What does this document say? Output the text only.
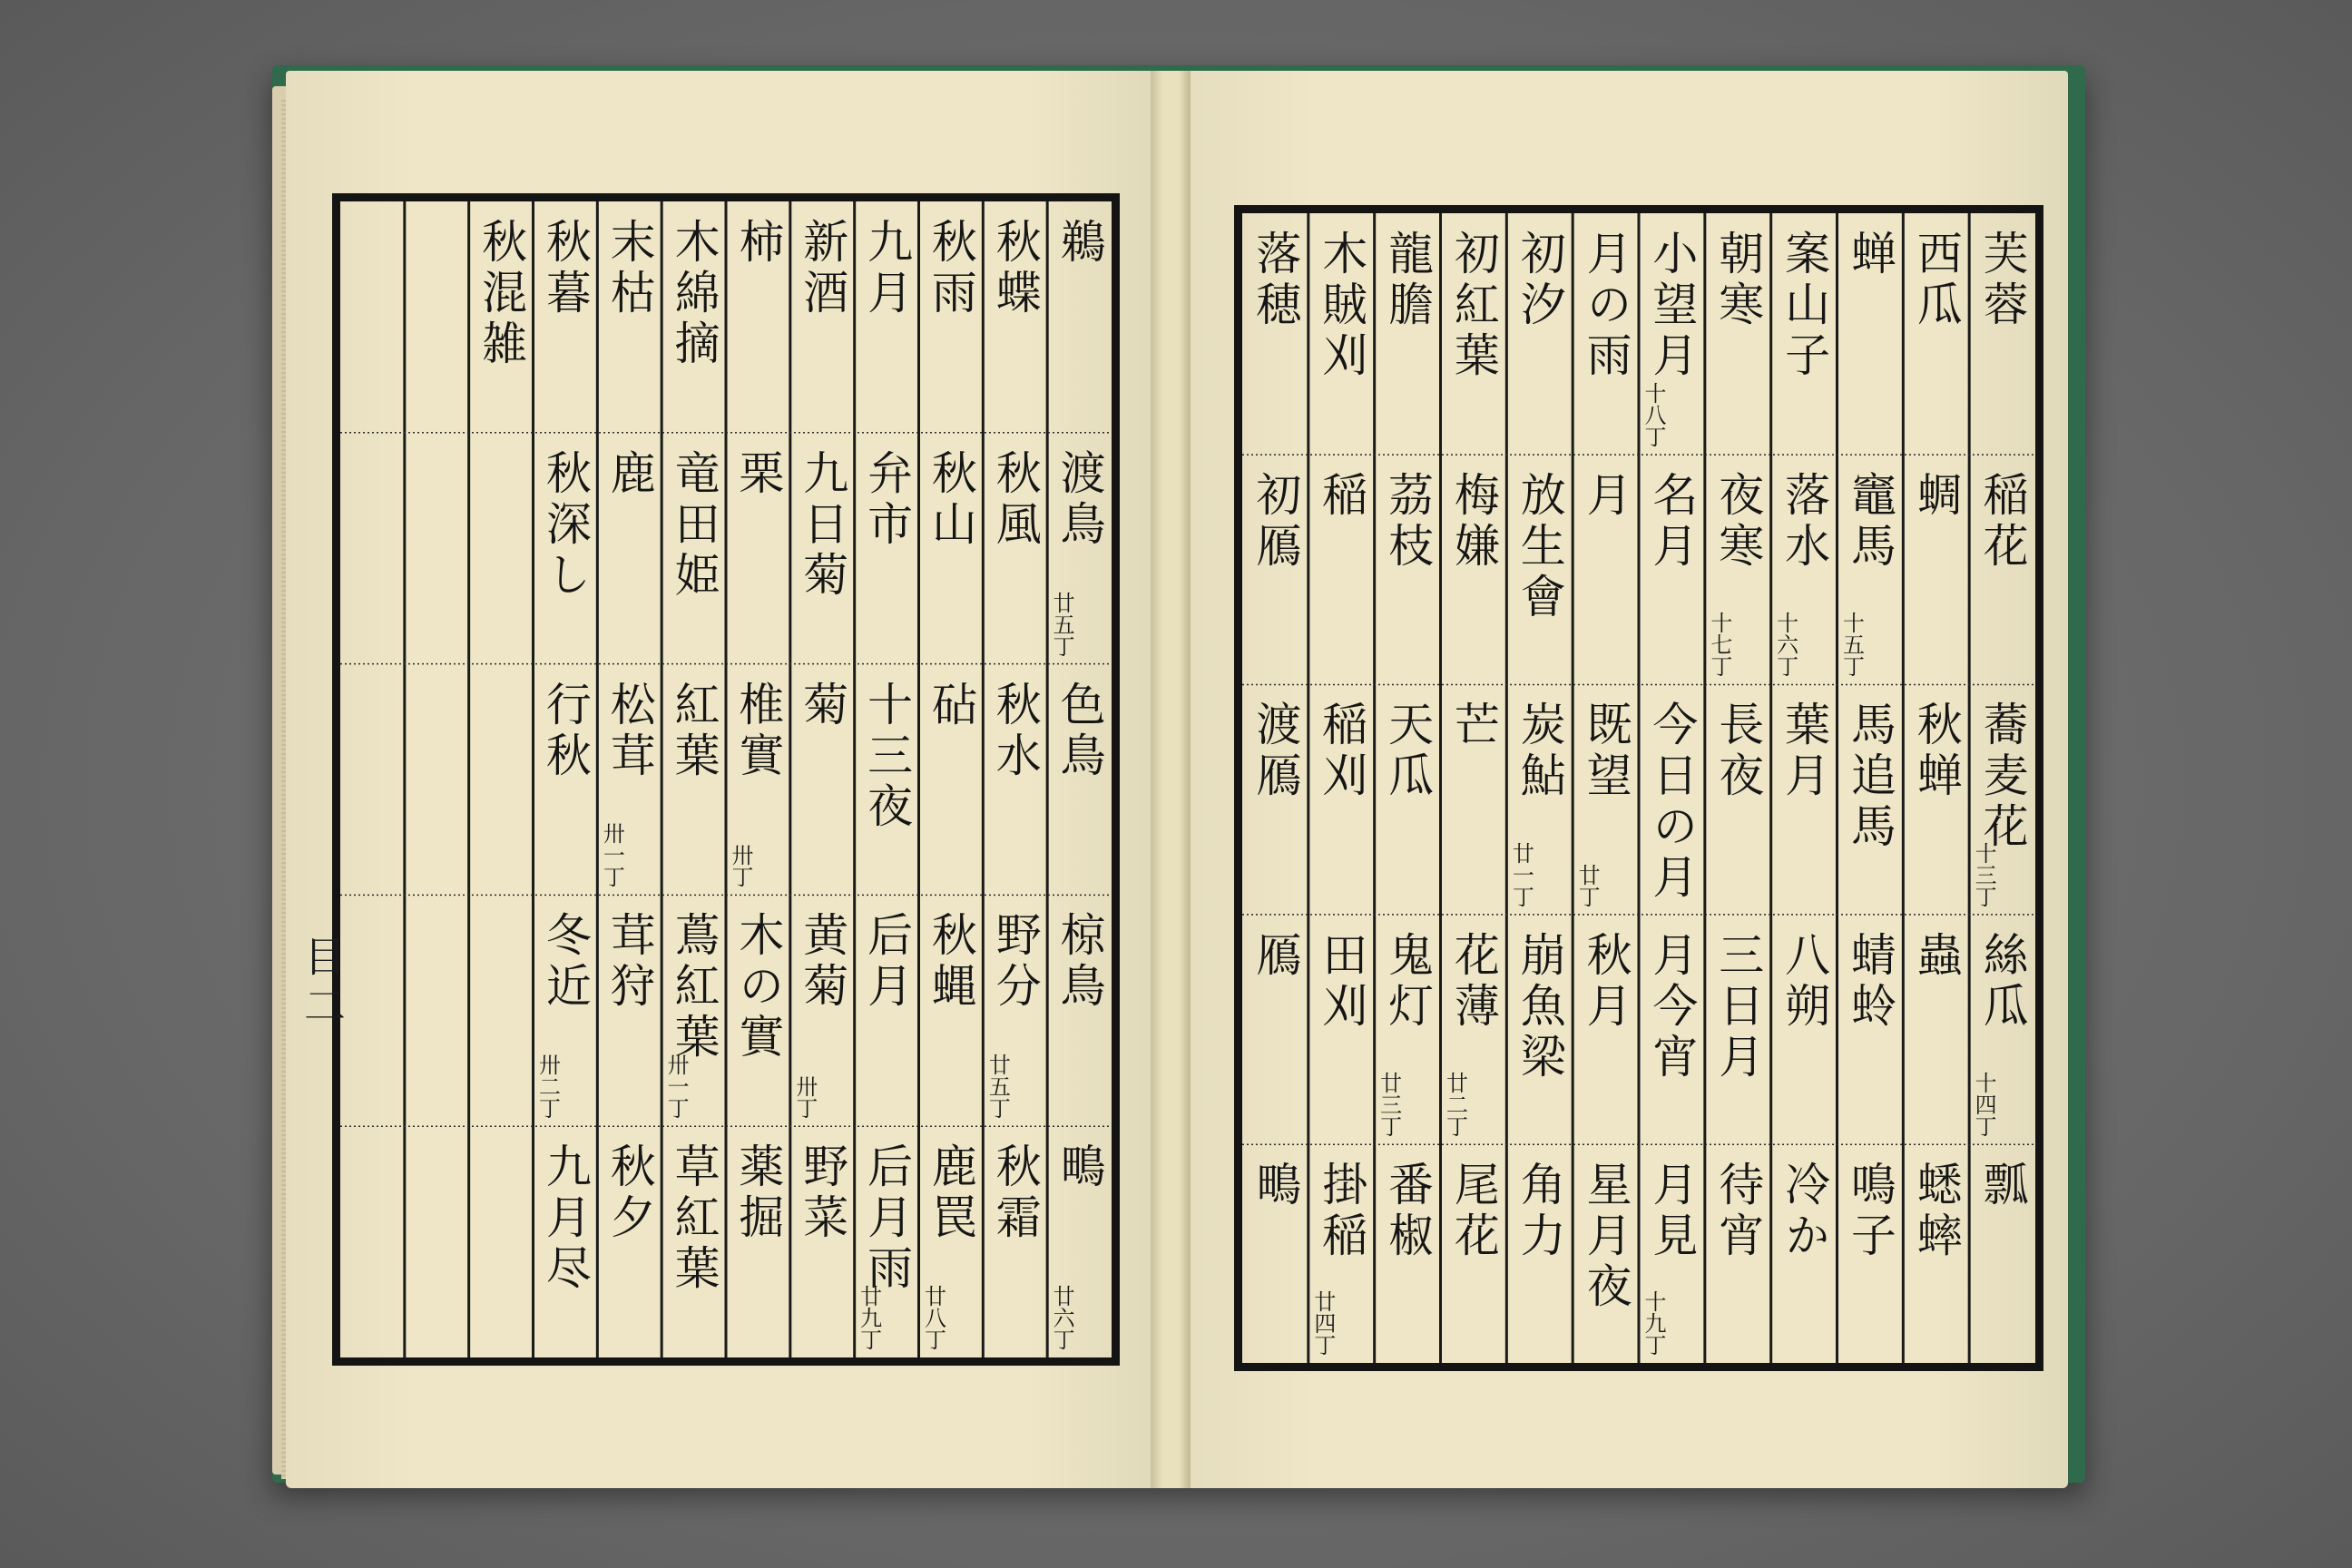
鵜
渡鳥
廿五丁
色鳥
椋鳥
鴫
廿六丁
秋蝶
秋風
秋水
野分
廿五丁
秋霜
秋雨
秋山
砧
秋蝿
鹿罠
廿八丁
九月
弁市
十三夜
后月
后月雨
廿九丁
新酒
九日菊
菊
黄菊
卅丁
野菜
柿
栗
椎實
卅丁
木の實
薬掘
木綿摘
竜田姫
紅葉
蔦紅葉
卅一丁
草紅葉
末枯
鹿
松茸
卅一丁
茸狩
秋夕
秋暮
秋深し
行秋
冬近
卅二丁
九月尽
秋混雑	芙蓉
稲花
蕎麦花
十三丁
絲瓜
十四丁
瓢
西瓜
蜩
秋蝉
蟲
蟋蟀
蝉
竈馬
十五丁
馬追馬
蜻蛉
鳴子
案山子
落水
十六丁
葉月
八朔
冷か
朝寒
夜寒
十七丁
長夜
三日月
待宵
小望月
十八丁
名月
今日の月
月今宵
月見
十九丁
月の雨
月
既望
廿丁
秋月
星月夜
初汐
放生會
炭鮎
廿一丁
崩魚梁
角力
初紅葉
梅嫌
芒
花薄
廿二丁
尾花
龍膽
茘枝
天瓜
鬼灯
廿三丁
番椒
木賊刈
稲
稲刈
田刈
掛稲
廿四丁
落穂
初鴈
渡鴈
鴈
鴫
目二
